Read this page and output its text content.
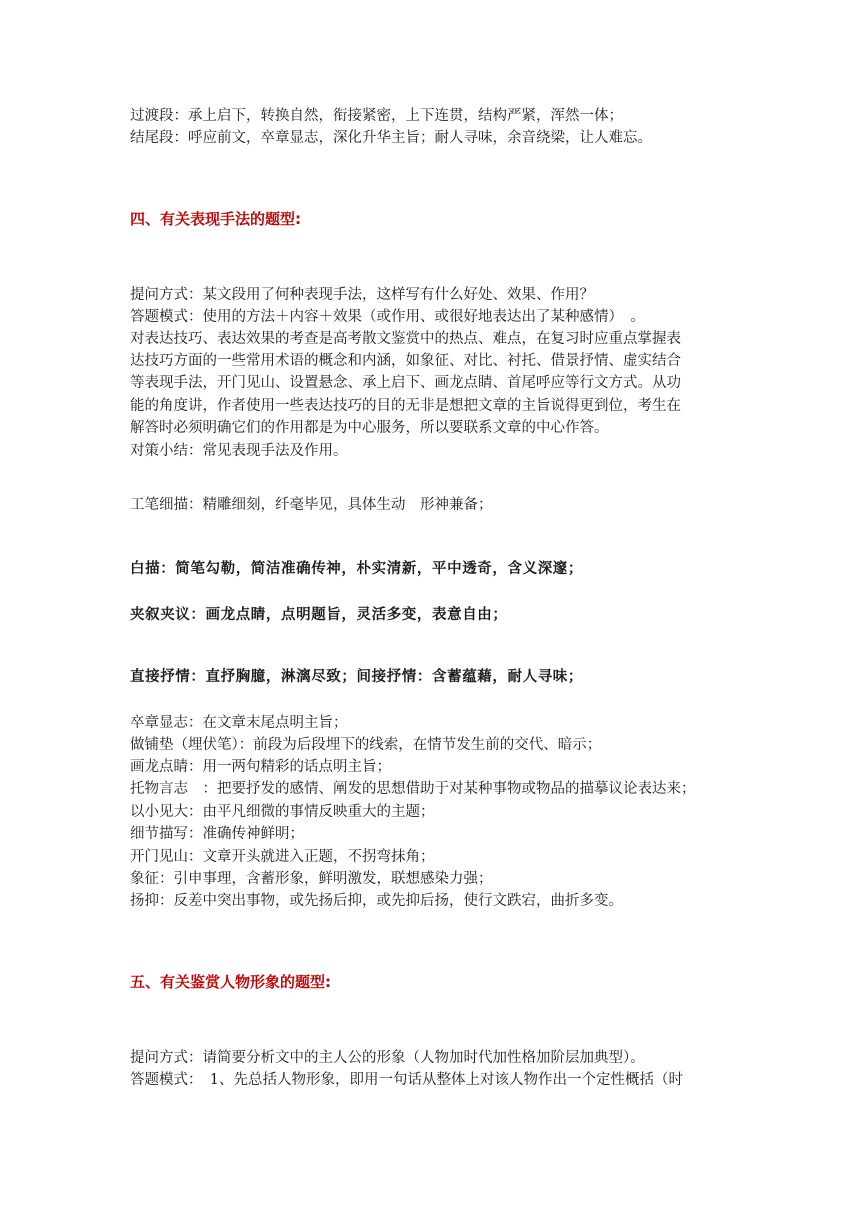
过渡段：承上启下，转换自然，衔接紧密，上下连贯，结构严紧，浑然一体；
结尾段：呼应前文，卒章显志，深化升华主旨；耐人寻味，余音绕梁，让人难忘。
四、有关表现手法的题型:
提问方式：某文段用了何种表现手法，这样写有什么好处、效果、作用？
答题模式：使用的方法＋内容＋效果（或作用、或很好地表达出了某种感情）　。
对表达技巧、表达效果的考查是高考散文鉴赏中的热点、难点，在复习时应重点掌握表
达技巧方面的一些常用术语的概念和内涵，如象征、对比、衬托、借景抒情、虚实结合
等表现手法，开门见山、设置悬念、承上启下、画龙点睛、首尾呼应等行文方式。从功
能的角度讲，作者使用一些表达技巧的目的无非是想把文章的主旨说得更到位，考生在
解答时必须明确它们的作用都是为中心服务，所以要联系文章的中心作答。
对策小结：常见表现手法及作用。
工笔细描：精雕细刻，纤毫毕见，具体生动　形神兼备；
白描：简笔勾勒，简洁准确传神，朴实清新，平中透奇，含义深邃；
夹叙夹议：画龙点睛，点明题旨，灵活多变，表意自由；
直接抒情：直抒胸臆，淋漓尽致；间接抒情：含蓄蕴藉，耐人寻味；
卒章显志：在文章末尾点明主旨；
做铺垫（埋伏笔）：前段为后段埋下的线索，在情节发生前的交代、暗示；
画龙点睛：用一两句精彩的话点明主旨；
托物言志　：把要抒发的感情、阐发的思想借助于对某种事物或物品的描摹议论表达来；
以小见大：由平凡细微的事情反映重大的主题；
细节描写：准确传神鲜明；
开门见山：文章开头就进入正题，不拐弯抹角；
象征：引申事理，含蓄形象，鲜明激发，联想感染力强；
扬抑：反差中突出事物，或先扬后抑，或先抑后扬，使行文跌宕，曲折多变。
五、有关鉴赏人物形象的题型:
提问方式：请简要分析文中的主人公的形象（人物加时代加性格加阶层加典型）。
答题模式：　1、先总括人物形象，即用一句话从整体上对该人物作出一个定性概括（时
